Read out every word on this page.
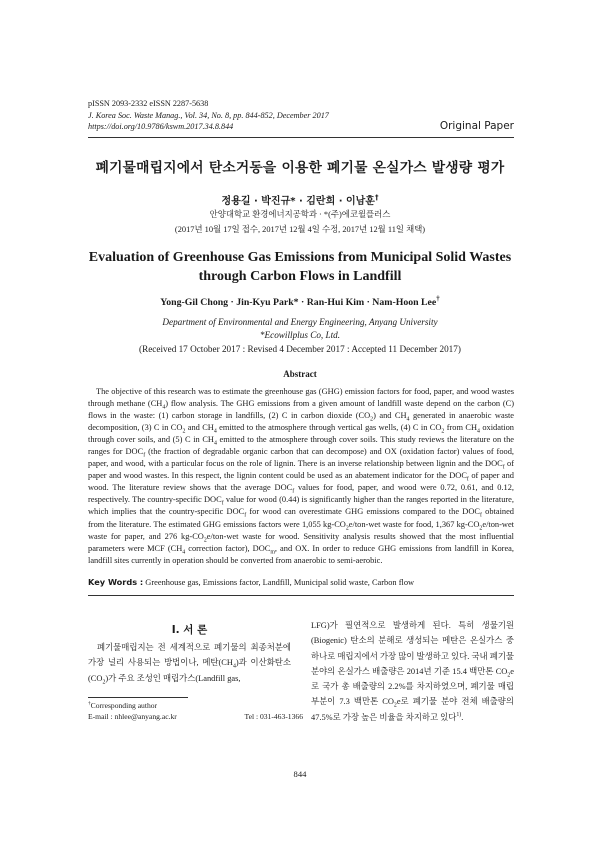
pISSN 2093-2332 eISSN 2287-5638
J. Korea Soc. Waste Manag., Vol. 34, No. 8, pp. 844-852, December 2017
https://doi.org/10.9786/kswm.2017.34.8.844	Original Paper
폐기물매립지에서 탄소거동을 이용한 폐기물 온실가스 발생량 평가
정용길 · 박진규* · 김란희 · 이남훈†
안양대학교 환경에너지공학과 · *(주)에코윌플러스
(2017년 10월 17일 접수, 2017년 12월 4일 수정, 2017년 12월 11일 채택)
Evaluation of Greenhouse Gas Emissions from Municipal Solid Wastes
through Carbon Flows in Landfill
Yong-Gil Chong · Jin-Kyu Park* · Ran-Hui Kim · Nam-Hoon Lee†
Department of Environmental and Energy Engineering, Anyang University
*Ecowillplus Co, Ltd.
(Received 17 October 2017 : Revised 4 December 2017 : Accepted 11 December 2017)
Abstract

The objective of this research was to estimate the greenhouse gas (GHG) emission factors for food, paper, and wood wastes through methane $(CH_4)$ flow analysis. The GHG emissions from a given amount of landfill waste depend on the carbon (C) flows in the waste: (1) carbon storage in landfills, (2) C in carbon dioxide $(CO_2)$ and $CH_4$ generated in anaerobic waste decomposition, (3) C in $CO_2$ and $CH_4$ emitted to the atmosphere through vertical gas wells, (4) C in $CO_2$ from $CH_4$ oxidation through cover soils, and (5) C in $CH_4$ emitted to the atmosphere through cover soils. This study reviews the literature on the ranges for $DOC_f$ (the fraction of degradable organic carbon that can decompose) and OX (oxidation factor) values of food, paper, and wood, with a particular focus on the role of lignin. There is an inverse relationship between lignin and the $DOC_f$ of paper and wood wastes. In this respect, the lignin content could be used as an abatement indicator for the $DOC_f$ of paper and wood. The literature review shows that the average $DOC_f$ values for food, paper, and wood were 0.72, 0.61, and 0.12, respectively. The country-specific $DOC_f$ value for wood (0.44) is significantly higher than the ranges reported in the literature, which implies that the country-specific $DOC_f$ for wood can overestimate GHG emissions compared to the $DOC_f$ obtained from the literature. The estimated GHG emissions factors were 1,055 $kg-CO_2e/ton$-wet waste for food, 1,367 $kg-CO_2e/ton$-wet waste for paper, and 276 $kg-CO_2e/ton$-wet waste for wood. Sensitivity analysis results showed that the most influential parameters were MCF ($CH_4$ correction factor), $DOC_m$, and OX. In order to reduce GHG emissions from landfill in Korea, landfill sites currently in operation should be converted from anaerobic to semi-aerobic.

Key Words : Greenhouse gas, Emissions factor, Landfill, Municipal solid waste, Carbon flow
I. 서 론

폐기물매립지는 전 세계적으로 폐기물의 최종처분에 가장 널리 사용되는 방법이나, 메탄$(CH_4)$과 이산화탄소$(CO_2)$가 주요 조성인 매립가스(Landfill gas,

LFG)가 필연적으로 발생하게 된다. 특히 생물기원(Biogenic) 탄소의 분해로 생성되는 메탄은 온실가스 중 하나로 매립지에서 가장 많이 발생하고 있다. 국내 폐기물 분야의 온실가스 배출량은 2014년 기준 15.4 백만톤 $CO_2e$로 국가 총 배출량의 2.2%를 차지하였으며, 폐기물 매립 부분이 7.3 백만톤 $CO_2e$로 폐기물 분야 전체 배출량의 47.5%로 가장 높은 비율을 차지하고 있다$^{1)}$.

†Corresponding author
E-mail : nhlee@anyang.ac.kr	Tel : 031-463-1366
844
